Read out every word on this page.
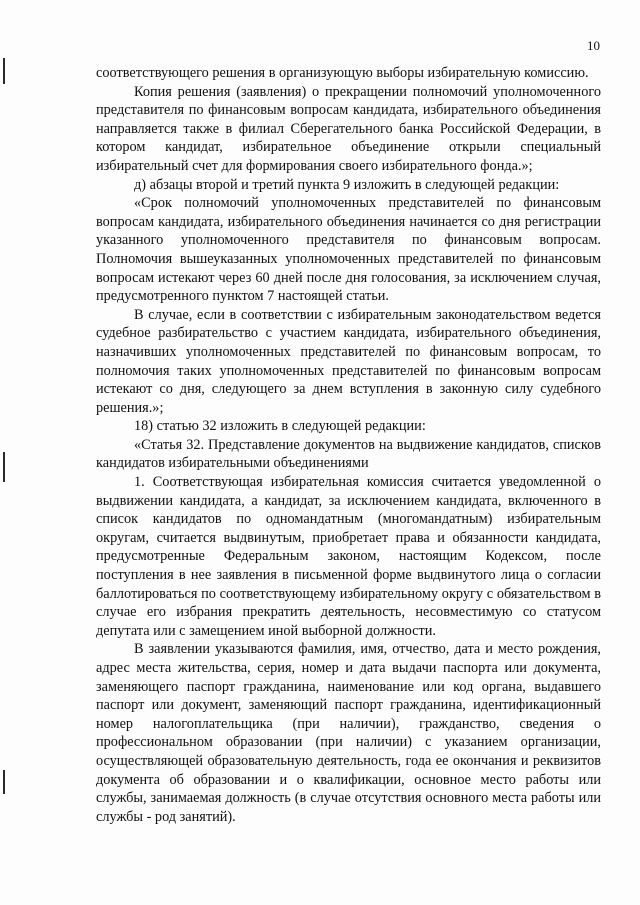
10

соответствующего решения в организующую выборы избирательную комиссию.

Копия решения (заявления) о прекращении полномочий уполномоченного представителя по финансовым вопросам кандидата, избирательного объединения направляется также в филиал Сберегательного банка Российской Федерации, в котором кандидат, избирательное объединение открыли специальный избирательный счет для формирования своего избирательного фонда.»;

д) абзацы второй и третий пункта 9 изложить в следующей редакции:

«Срок полномочий уполномоченных представителей по финансовым вопросам кандидата, избирательного объединения начинается со дня регистрации указанного уполномоченного представителя по финансовым вопросам. Полномочия вышеуказанных уполномоченных представителей по финансовым вопросам истекают через 60 дней после дня голосования, за исключением случая, предусмотренного пунктом 7 настоящей статьи.

В случае, если в соответствии с избирательным законодательством ведется судебное разбирательство с участием кандидата, избирательного объединения, назначивших уполномоченных представителей по финансовым вопросам, то полномочия таких уполномоченных представителей по финансовым вопросам истекают со дня, следующего за днем вступления в законную силу судебного решения.»;

18) статью 32 изложить в следующей редакции:

«Статья 32. Представление документов на выдвижение кандидатов, списков кандидатов избирательными объединениями

1. Соответствующая избирательная комиссия считается уведомленной о выдвижении кандидата, а кандидат, за исключением кандидата, включенного в список кандидатов по одномандатным (многомандатным) избирательным округам, считается выдвинутым, приобретает права и обязанности кандидата, предусмотренные Федеральным законом, настоящим Кодексом, после поступления в нее заявления в письменной форме выдвинутого лица о согласии баллотироваться по соответствующему избирательному округу с обязательством в случае его избрания прекратить деятельность, несовместимую со статусом депутата или с замещением иной выборной должности.

В заявлении указываются фамилия, имя, отчество, дата и место рождения, адрес места жительства, серия, номер и дата выдачи паспорта или документа, заменяющего паспорт гражданина, наименование или код органа, выдавшего паспорт или документ, заменяющий паспорт гражданина, идентификационный номер налогоплательщика (при наличии), гражданство, сведения о профессиональном образовании (при наличии) с указанием организации, осуществляющей образовательную деятельность, года ее окончания и реквизитов документа об образовании и о квалификации, основное место работы или службы, занимаемая должность (в случае отсутствия основного места работы или службы - род занятий).
